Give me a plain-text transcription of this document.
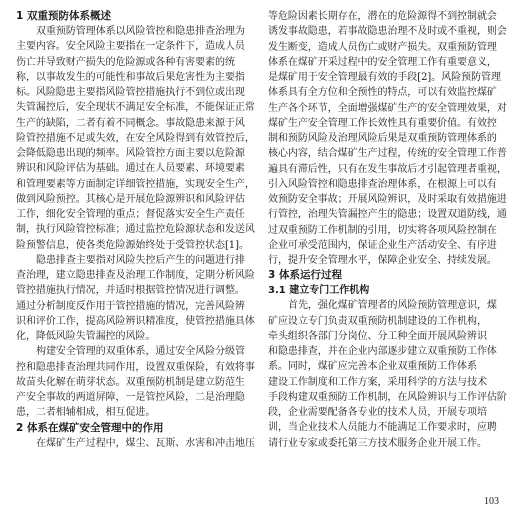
1 双重预防体系概述
双重预防管理体系以风险管控和隐患排查治理为
主要内容。安全风险主要指在一定条件下，造成人员
伤亡并导致财产损失的危险源或各种有害要素的统
称，以事故发生的可能性和事故后果危害性为主要指
标。风险隐患主要指风险管控措施执行不到位或出现
失管漏控后，安全现状不满足安全标准，不能保证正常
生产的缺陷，二者有着不同概念。事故隐患来源于风
险管控措施不足或失效，在安全风险得到有效管控后，
会降低隐患出现的频率。风险管控方面主要以危险源
辨识和风险评估为基础。通过在人员要素、环境要素
和管理要素等方面制定详细管控措施，实现安全生产，
做到风险预控。其核心是开展危险源辨识和风险评估
工作，细化安全管理的重点；督促落实安全生产责任
制，执行风险管控标准；通过监控危险源状态和发送风
险预警信息，使各类危险源始终处于受管控状态[1]。
隐患排查主要指对风险失控后产生的问题进行排
查治理，建立隐患排查及治理工作制度，定期分析风险
管控措施执行情况，并适时根据管控情况进行调整。
通过分析制度反作用于管控措施的情况，完善风险辨
识和评价工作，提高风险辨识精准度，使管控措施具体
化，降低风险失管漏控的风险。
构建安全管理的双重体系，通过安全风险分级管
控和隐患排查治理共同作用，设置双重保险，有效将事
故苗头化解在萌芽状态。双重预防机制是建立防范生
产安全事故的两道屏障，一是管控风险，二是治理隐
患，二者相辅相成，相互促进。
2 体系在煤矿安全管理中的作用
在煤矿生产过程中，煤尘、瓦斯、水害和冲击地压
等危险因素长期存在，潜在的危险源得不到控制就会
诱发事故隐患，若事故隐患治理不及时或不重视，则会
发生断变，造成人员伤亡或财产损失。双重预防管理
体系在煤矿开采过程中的安全管理工作有重要意义，
是煤矿用于安全管理最有效的手段[2]。风险预防管理
体系具有全方位和全预性的特点，可以有效监控煤矿
生产各个环节，全面增强煤矿生产的安全管理效果，对
煤矿生产安全管理工作长效性具有重要价值。有效控
制和预防风险及治理风险后果是双重预防管理体系的
核心内容，结合煤矿生产过程，传统的安全管理工作普
遍具有滞后性，只有在发生事故后才引起管理者重视，
引入风险管控和隐患排查治理体系，在根源上可以有
效预防安全事故；开展风险辨识，及时采取有效措施进
行管控，治理失管漏控产生的隐患；设置双道防线，通
过双重预防工作机制的引用，切实将各项风险控制在
企业可承受范围内，保证企业生产活动安全、有序进
行，提升安全管理水平，保障企业安全、持续发展。
3 体系运行过程
3.1 建立专门工作机构
首先，强化煤矿管理者的风险预防管理意识，煤
矿应设立专门负责双重预防机制建设的工作机构，
牵头组织各部门分岗位、分工种全面开展风险辨识
和隐患排查，并在企业内部逐步建立双重预防工作体
系。同时，煤矿应完善本企业双重预防工作体系
建设工作制度和工作方案，采用科学的方法与技术
手段构建双重预防工作机制，在风险辨识与工作评估阶
段，企业需要配备各专业的技术人员，开展专项培
训，当企业技术人员能力不能满足工作要求时，应聘
请行业专家或委托第三方技术服务企业开展工作。
103
